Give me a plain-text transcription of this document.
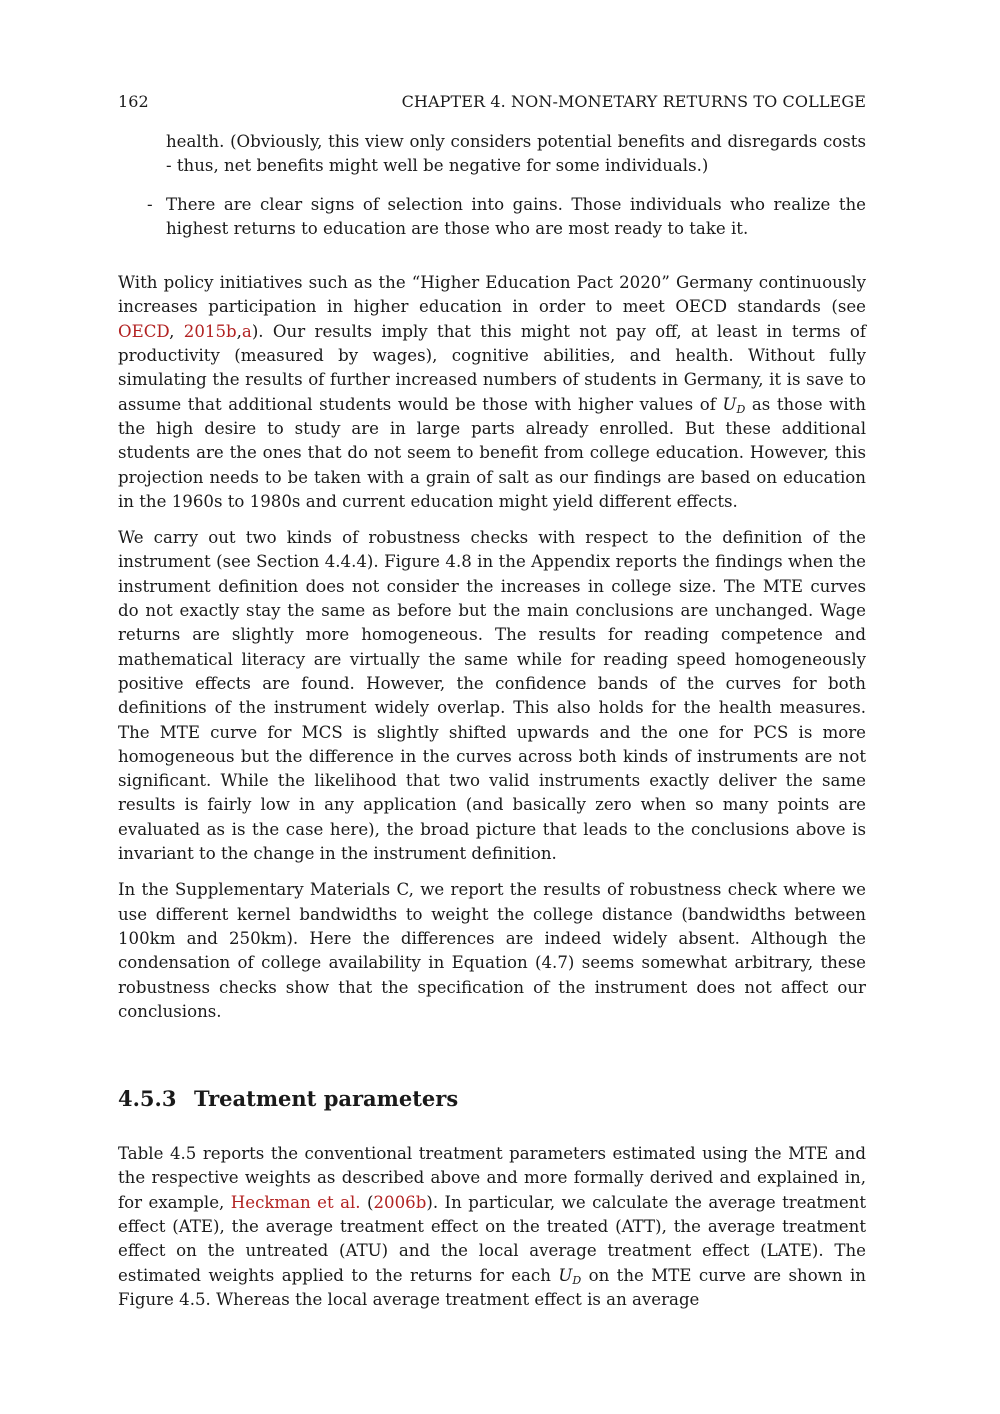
162	CHAPTER 4. NON-MONETARY RETURNS TO COLLEGE
health. (Obviously, this view only considers potential benefits and disregards costs - thus, net benefits might well be negative for some individuals.)
- There are clear signs of selection into gains. Those individuals who realize the highest returns to education are those who are most ready to take it.

With policy initiatives such as the “Higher Education Pact 2020” Germany continuously increases participation in higher education in order to meet OECD standards (see OECD, 2015b,a). Our results imply that this might not pay off, at least in terms of productivity (measured by wages), cognitive abilities, and health. Without fully simulating the results of further increased numbers of students in Germany, it is save to assume that additional students would be those with higher values of $U_D$ as those with the high desire to study are in large parts already enrolled. But these additional students are the ones that do not seem to benefit from college education. However, this projection needs to be taken with a grain of salt as our findings are based on education in the 1960s to 1980s and current education might yield different effects.

We carry out two kinds of robustness checks with respect to the definition of the instrument (see Section 4.4.4). Figure 4.8 in the Appendix reports the findings when the instrument definition does not consider the increases in college size. The MTE curves do not exactly stay the same as before but the main conclusions are unchanged. Wage returns are slightly more homogeneous. The results for reading competence and mathematical literacy are virtually the same while for reading speed homogeneously positive effects are found. However, the confidence bands of the curves for both definitions of the instrument widely overlap. This also holds for the health measures. The MTE curve for MCS is slightly shifted upwards and the one for PCS is more homogeneous but the difference in the curves across both kinds of instruments are not significant. While the likelihood that two valid instruments exactly deliver the same results is fairly low in any application (and basically zero when so many points are evaluated as is the case here), the broad picture that leads to the conclusions above is invariant to the change in the instrument definition.

In the Supplementary Materials C, we report the results of robustness check where we use different kernel bandwidths to weight the college distance (bandwidths between 100km and 250km). Here the differences are indeed widely absent. Although the condensation of college availability in Equation (4.7) seems somewhat arbitrary, these robustness checks show that the specification of the instrument does not affect our conclusions.

4.5.3 Treatment parameters

Table 4.5 reports the conventional treatment parameters estimated using the MTE and the respective weights as described above and more formally derived and explained in, for example, Heckman et al. (2006b). In particular, we calculate the average treatment effect (ATE), the average treatment effect on the treated (ATT), the average treatment effect on the untreated (ATU) and the local average treatment effect (LATE). The estimated weights applied to the returns for each $U_D$ on the MTE curve are shown in Figure 4.5. Whereas the local average treatment effect is an average
